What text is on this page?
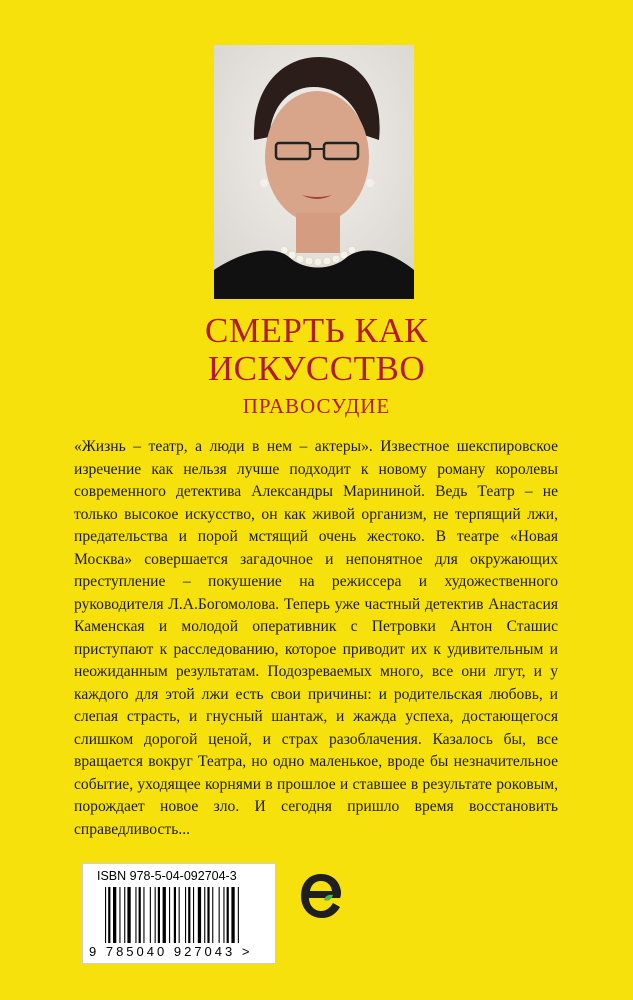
СМЕРТЬ КАК
ИСКУССТВО
ПРАВОСУДИЕ

«Жизнь – театр, а люди в нем – актеры». Известное шекспировское изречение как нельзя лучше подходит к новому роману королевы современного детектива Александры Марининой. Ведь Театр – не только высокое искусство, он как живой организм, не терпящий лжи, предательства и порой мстящий очень жестоко. В театре «Новая Москва» совершается загадочное и непонятное для окружающих преступление – покушение на режиссера и художественного руководителя Л.А.Богомолова. Теперь уже частный детектив Анастасия Каменская и молодой оперативник с Петровки Антон Сташис приступают к расследованию, которое приводит их к удивительным и неожиданным результатам. Подозреваемых много, все они лгут, и у каждого для этой лжи есть свои причины: и родительская любовь, и слепая страсть, и гнусный шантаж, и жажда успеха, достающегося слишком дорогой ценой, и страх разоблачения. Казалось бы, все вращается вокруг Театра, но одно маленькое, вроде бы незначительное событие, уходящее корнями в прошлое и ставшее в результате роковым, порождает новое зло. И сегодня пришло время восстановить справедливость...

ISBN 978-5-04-092704-3
9 785040 927043 >
